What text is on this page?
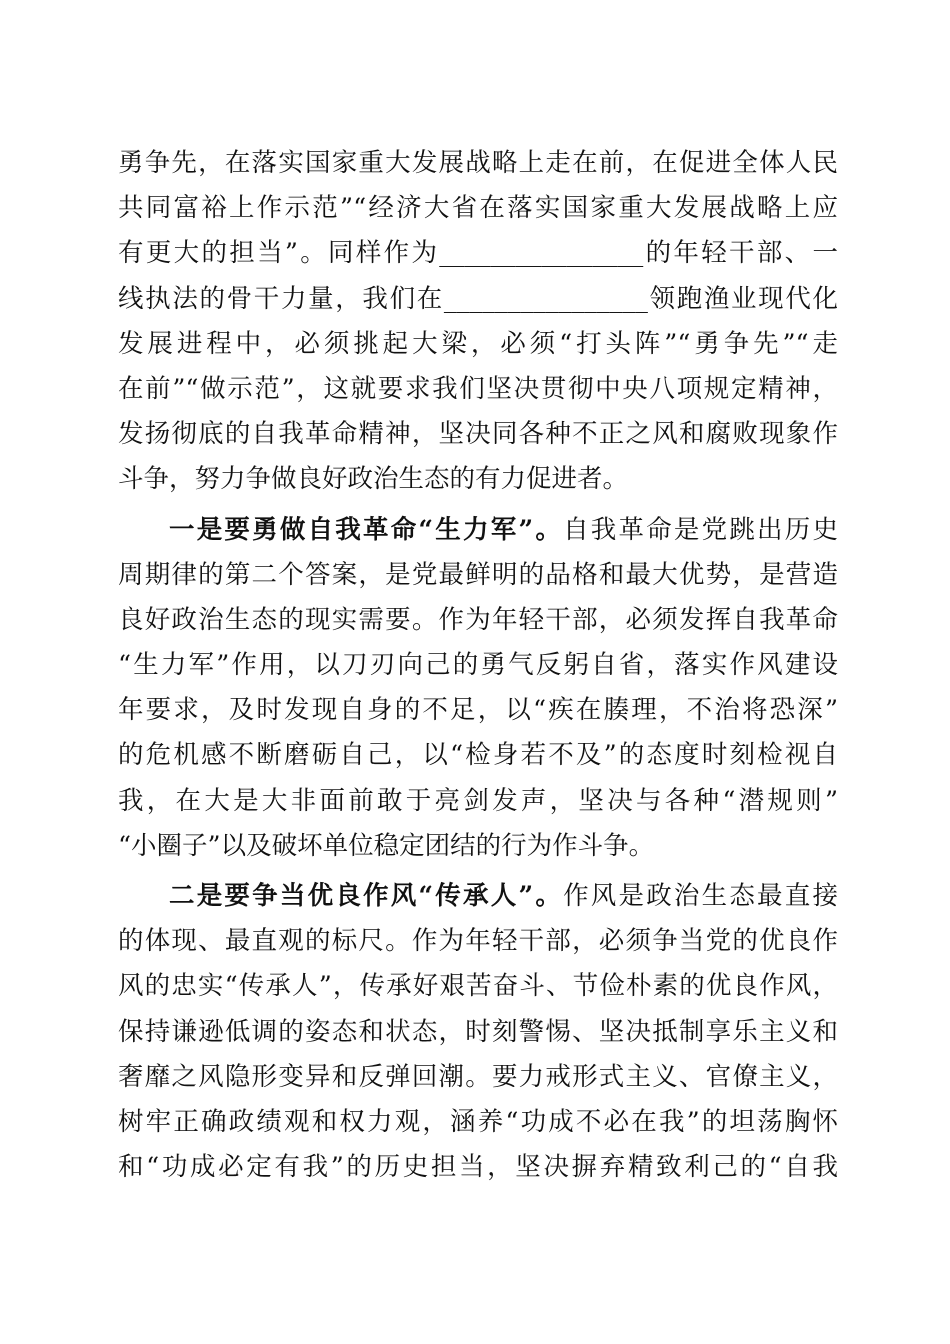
勇争先，在落实国家重大发展战略上走在前，在促进全体人民
共同富裕上作示范”“经济大省在落实国家重大发展战略上应
有更大的担当”。同样作为________________的年轻干部、一
线执法的骨干力量，我们在________________领跑渔业现代化
发展进程中，必须挑起大梁，必须“打头阵”“勇争先”“走
在前”“做示范”，这就要求我们坚决贯彻中央八项规定精神，
发扬彻底的自我革命精神，坚决同各种不正之风和腐败现象作
斗争，努力争做良好政治生态的有力促进者。
一是要勇做自我革命“生力军”。自我革命是党跳出历史
周期律的第二个答案，是党最鲜明的品格和最大优势，是营造
良好政治生态的现实需要。作为年轻干部，必须发挥自我革命
“生力军”作用，以刀刃向己的勇气反躬自省，落实作风建设
年要求，及时发现自身的不足，以“疾在腠理，不治将恐深”
的危机感不断磨砺自己，以“检身若不及”的态度时刻检视自
我，在大是大非面前敢于亮剑发声，坚决与各种“潜规则”
“小圈子”以及破坏单位稳定团结的行为作斗争。
二是要争当优良作风“传承人”。作风是政治生态最直接
的体现、最直观的标尺。作为年轻干部，必须争当党的优良作
风的忠实“传承人”，传承好艰苦奋斗、节俭朴素的优良作风，
保持谦逊低调的姿态和状态，时刻警惕、坚决抵制享乐主义和
奢靡之风隐形变异和反弹回潮。要力戒形式主义、官僚主义，
树牢正确政绩观和权力观，涵养“功成不必在我”的坦荡胸怀
和“功成必定有我”的历史担当，坚决摒弃精致利己的“自我
